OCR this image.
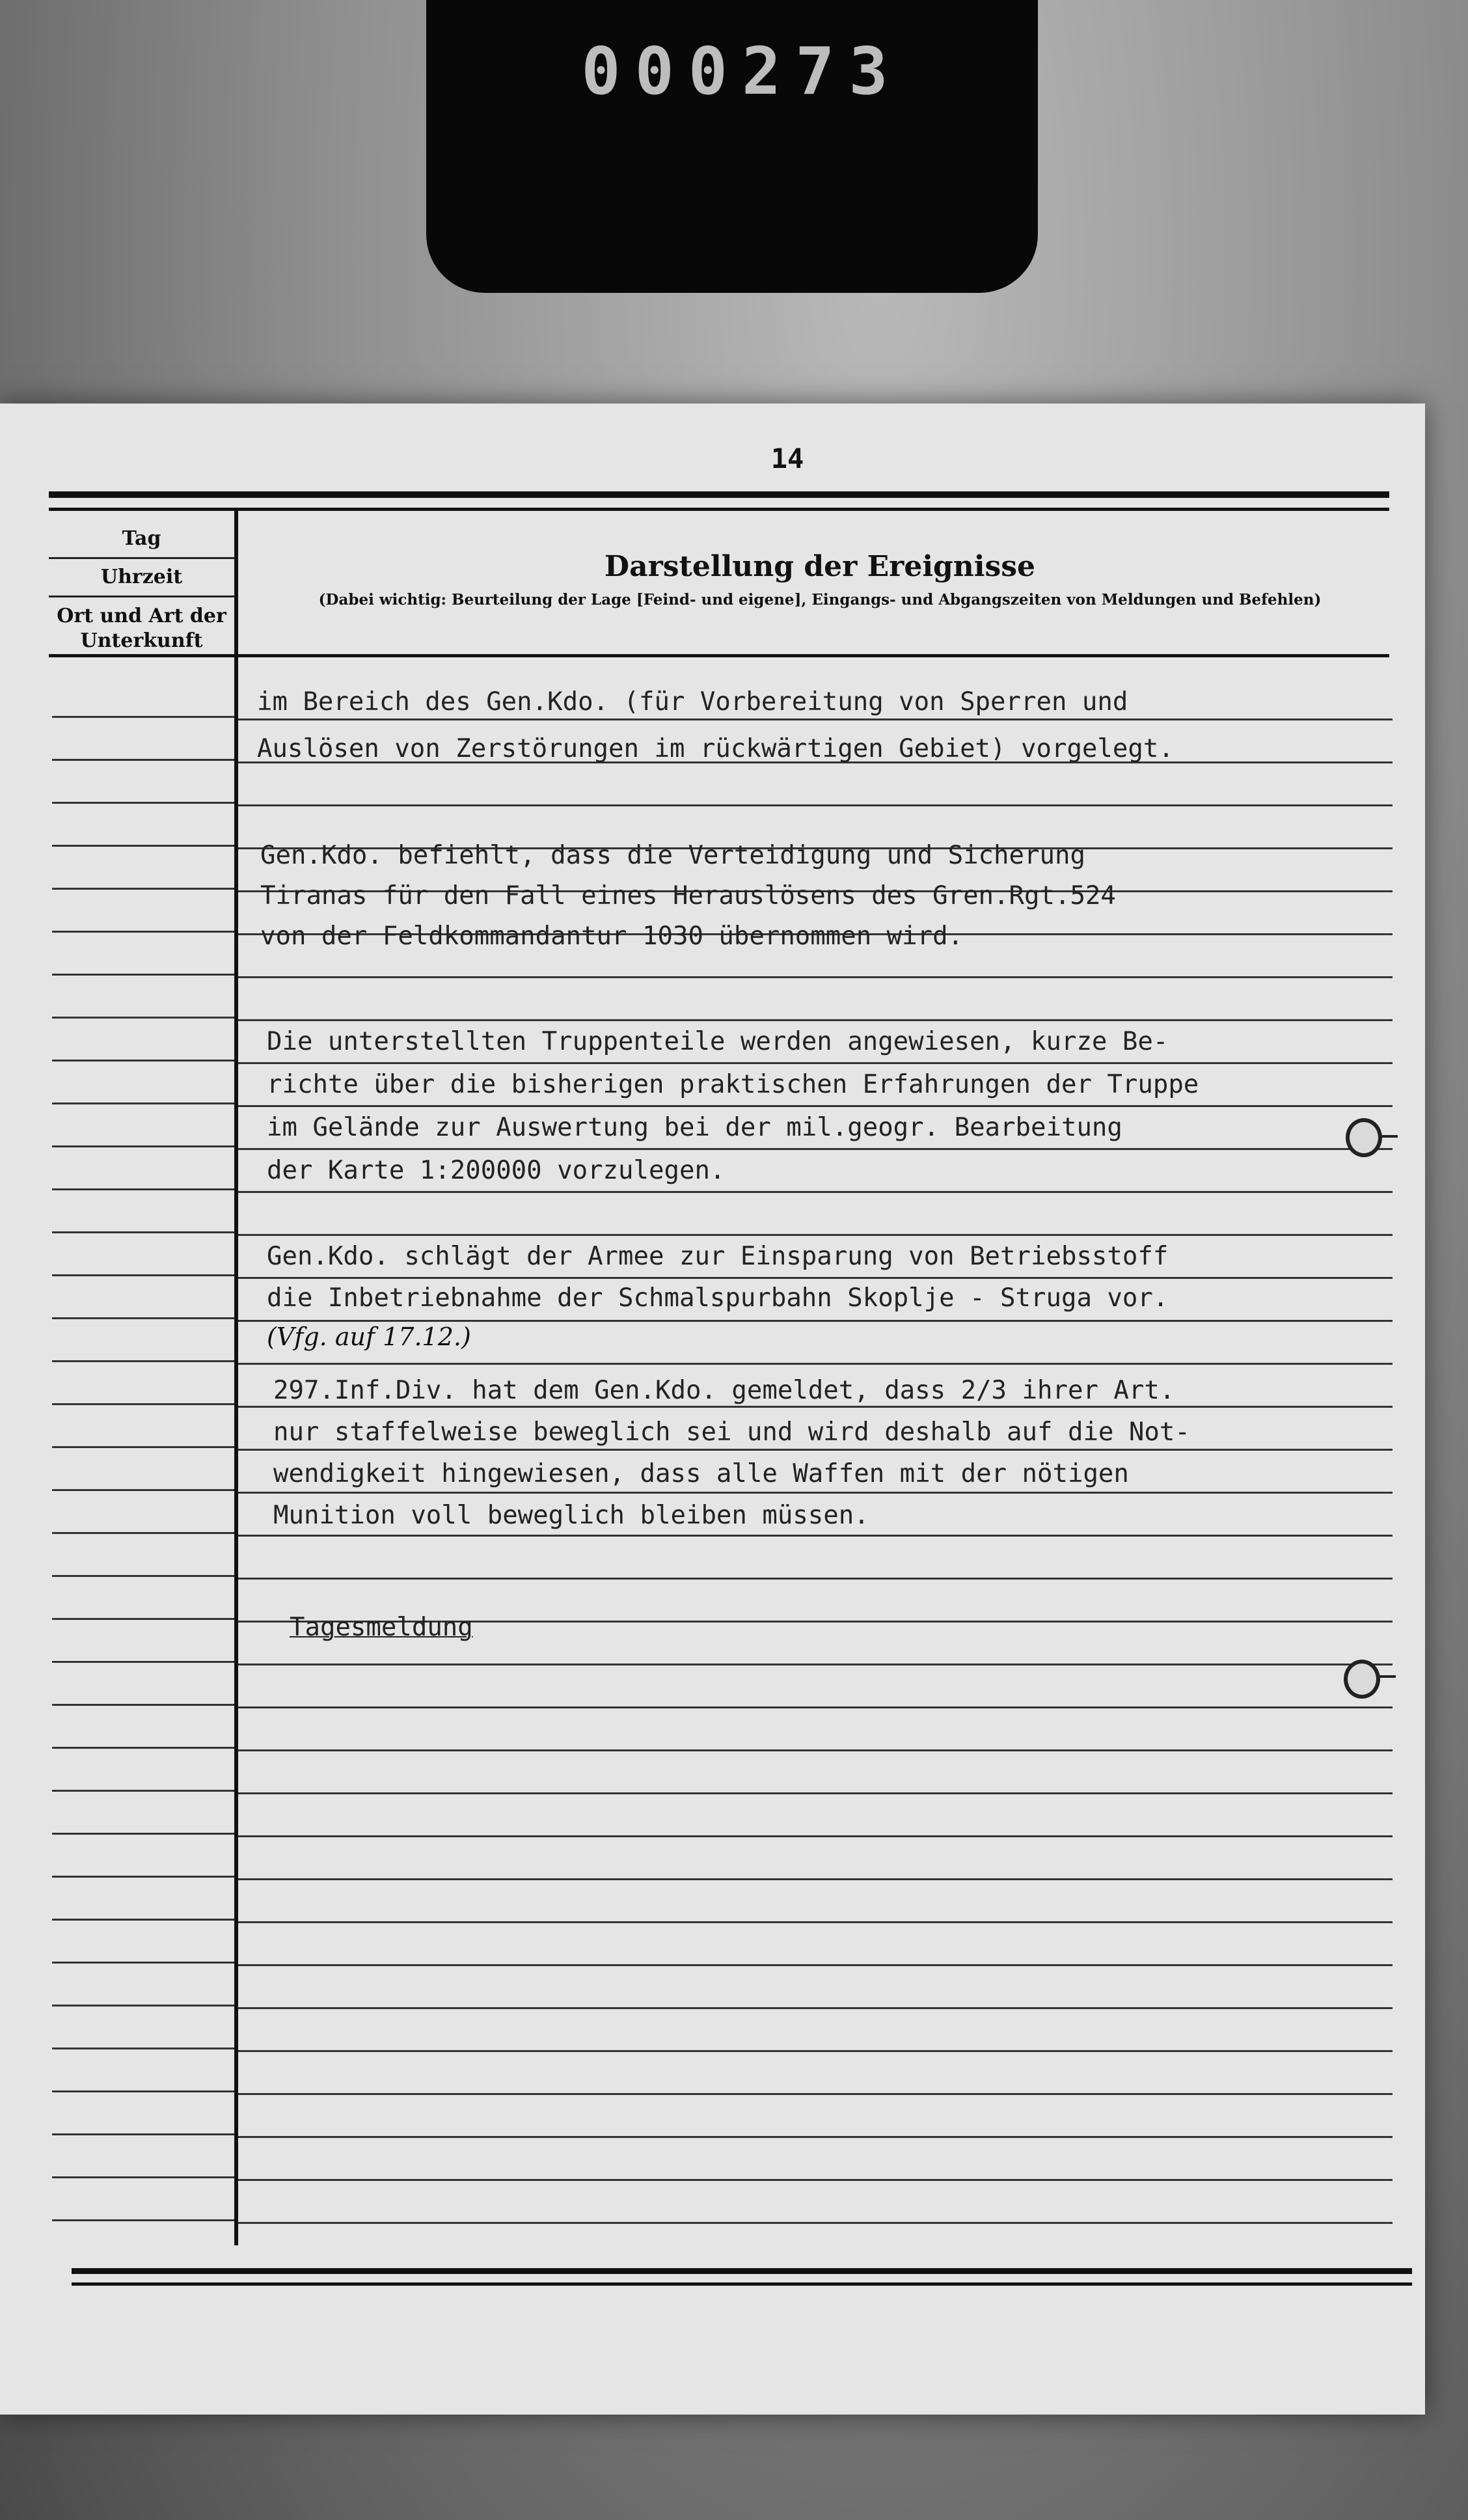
000273
14
Tag
Uhrzeit
Ort und Art der Unterkunft
Darstellung der Ereignisse
(Dabei wichtig: Beurteilung der Lage [Feind- und eigene], Eingangs- und Abgangszeiten von Meldungen und Befehlen)
im Bereich des Gen.Kdo. (für Vorbereitung von Sperren und
Auslösen von Zerstörungen im rückwärtigen Gebiet) vorgelegt.
Gen.Kdo. befiehlt, dass die Verteidigung und Sicherung
Tiranas für den Fall eines Herauslösens des Gren.Rgt.524
von der Feldkommandantur 1030 übernommen wird.
Die unterstellten Truppenteile werden angewiesen, kurze Be-
richte über die bisherigen praktischen Erfahrungen der Truppe
im Gelände zur Auswertung bei der mil.geogr. Bearbeitung
der Karte 1:200000 vorzulegen.
Gen.Kdo. schlägt der Armee zur Einsparung von Betriebsstoff
die Inbetriebnahme der Schmalspurbahn Skoplje - Struga vor.
(Vfg. auf 17.12.)
297.Inf.Div. hat dem Gen.Kdo. gemeldet, dass 2/3 ihrer Art.
nur staffelweise beweglich sei und wird deshalb auf die Not-
wendigkeit hingewiesen, dass alle Waffen mit der nötigen
Munition voll beweglich bleiben müssen.
Tagesmeldung
